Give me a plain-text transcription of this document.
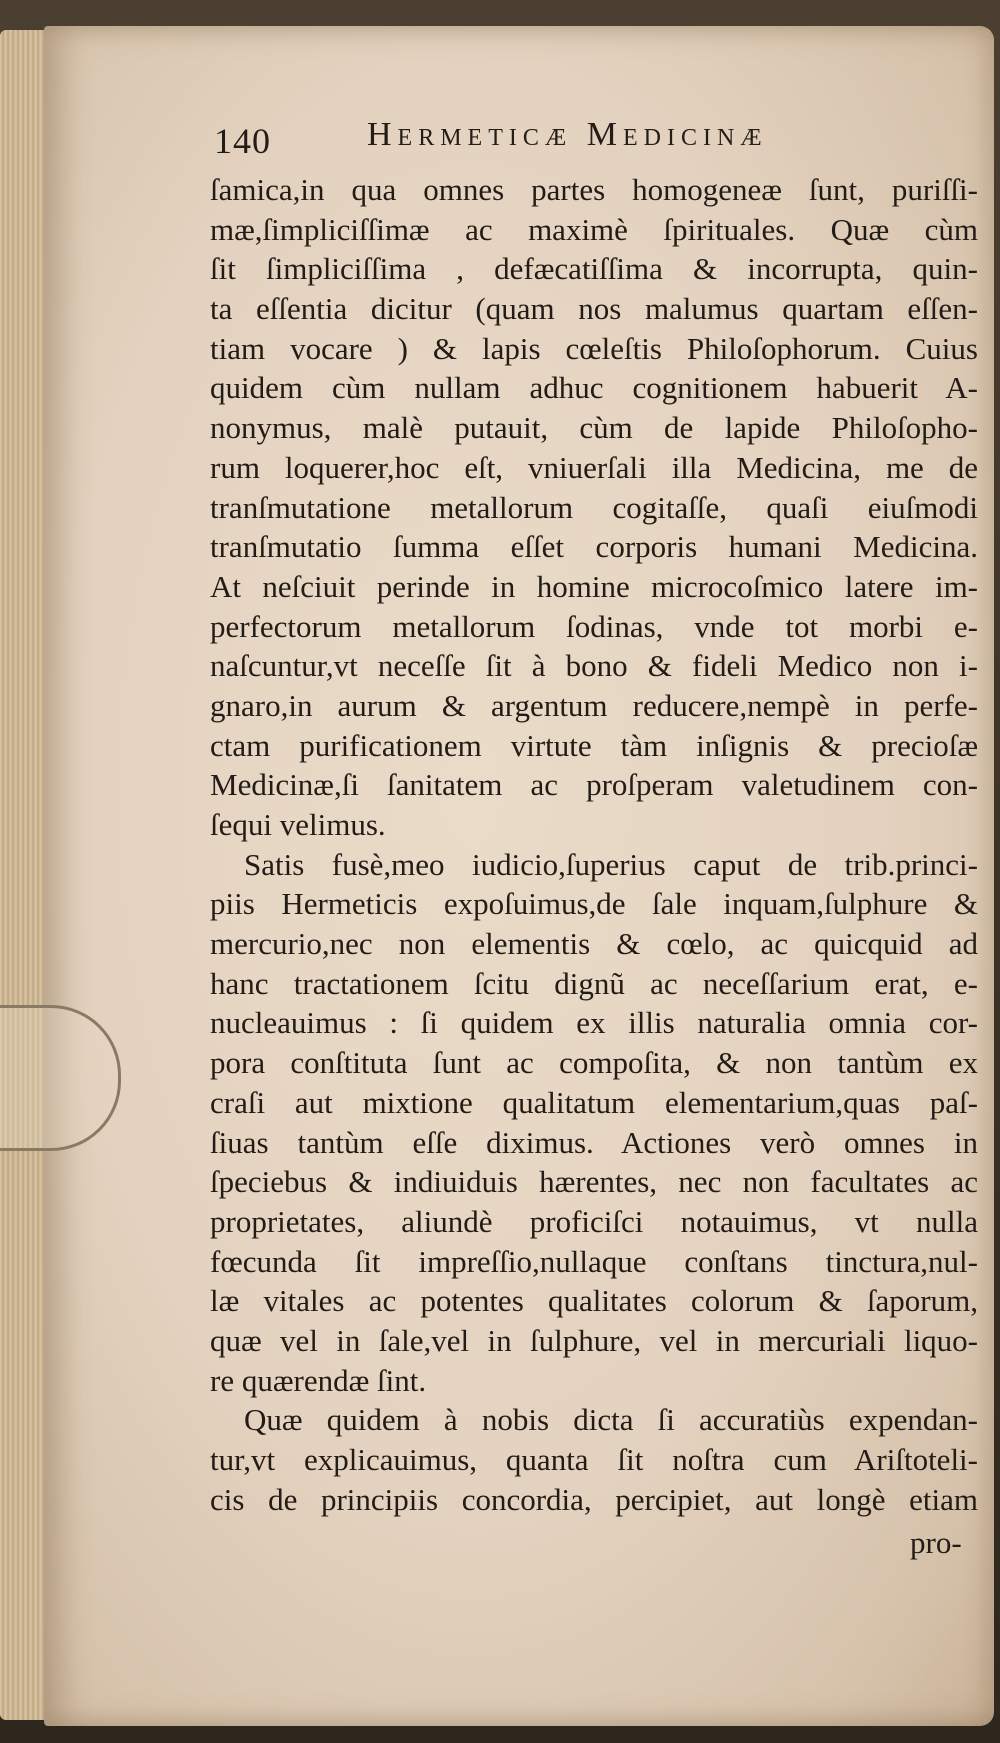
140	Hermeticæ Medicinæ
ſamica,in qua omnes partes homogeneæ ſunt, puriſſi-
mæ,ſimpliciſſimæ ac maximè ſpirituales. Quæ cùm
ſit ſimpliciſſima , defæcatiſſima & incorrupta, quin-
ta eſſentia dicitur (quam nos malumus quartam eſſen-
tiam vocare ) & lapis cœleſtis Philoſophorum. Cuius
quidem cùm nullam adhuc cognitionem habuerit A-
nonymus, malè putauit, cùm de lapide Philoſopho-
rum loquerer,hoc eſt, vniuerſali illa Medicina, me de
tranſmutatione metallorum cogitaſſe, quaſi eiuſmodi
tranſmutatio ſumma eſſet corporis humani Medicina.
At neſciuit perinde in homine microcoſmico latere im-
perfectorum metallorum ſodinas, vnde tot morbi e-
naſcuntur,vt neceſſe ſit à bono & fideli Medico non i-
gnaro,in aurum & argentum reducere,nempè in perfe-
ctam purificationem virtute tàm inſignis & precioſæ
Medicinæ,ſi ſanitatem ac proſperam valetudinem con-
ſequi velimus.
Satis fusè,meo iudicio,ſuperius caput de trib.princi-
piis Hermeticis expoſuimus,de ſale inquam,ſulphure &
mercurio,nec non elementis & cœlo, ac quicquid ad
hanc tractationem ſcitu dignũ ac neceſſarium erat, e-
nucleauimus : ſi quidem ex illis naturalia omnia cor-
pora conſtituta ſunt ac compoſita, & non tantùm ex
craſi aut mixtione qualitatum elementarium,quas paſ-
ſiuas tantùm eſſe diximus. Actiones verò omnes in
ſpeciebus & indiuiduis hærentes, nec non facultates ac
proprietates, aliundè proficiſci notauimus, vt nulla
fœcunda ſit impreſſio,nullaque conſtans tinctura,nul-
læ vitales ac potentes qualitates colorum & ſaporum,
quæ vel in ſale,vel in ſulphure, vel in mercuriali liquo-
re quærendæ ſint.
Quæ quidem à nobis dicta ſi accuratiùs expendan-
tur,vt explicauimus, quanta ſit noſtra cum Ariſtoteli-
cis de principiis concordia, percipiet, aut longè etiam
pro-
